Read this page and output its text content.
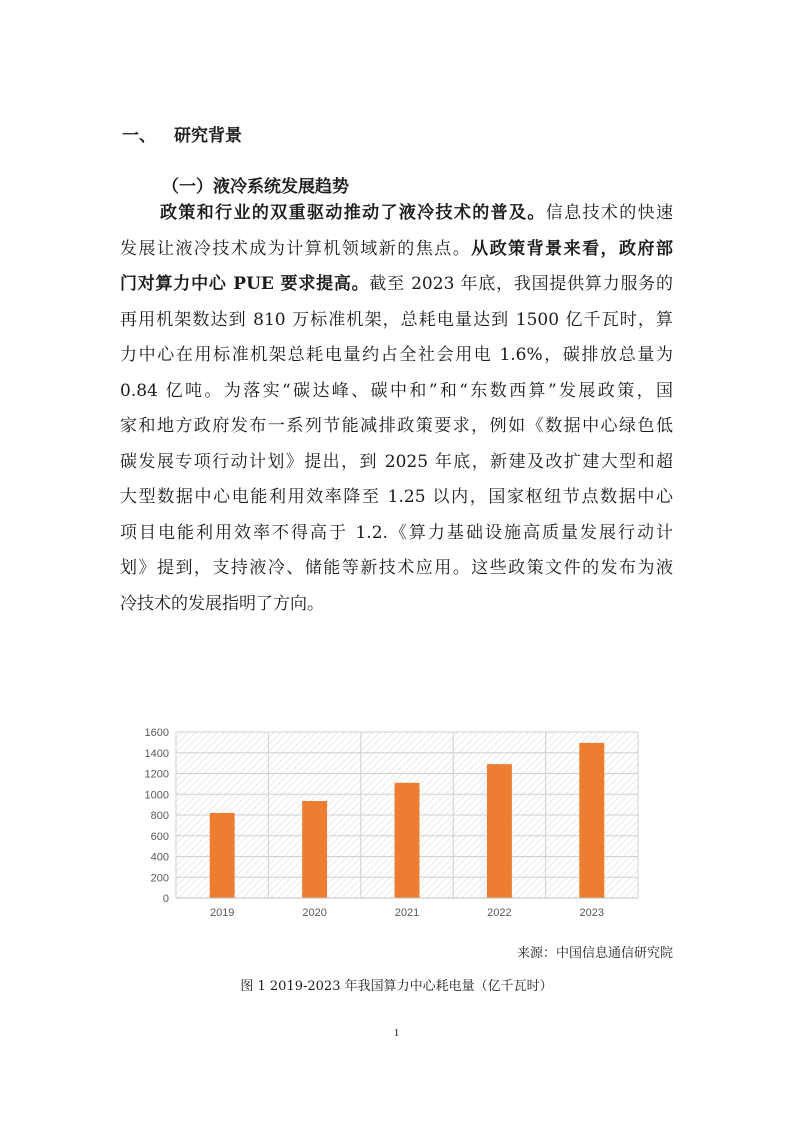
一、 研究背景
（一）液冷系统发展趋势
政策和行业的双重驱动推动了液冷技术的普及。信息技术的快速
发展让液冷技术成为计算机领域新的焦点。从政策背景来看，政府部
门对算力中心 PUE 要求提高。截至 2023 年底，我国提供算力服务的
再用机架数达到 810 万标准机架，总耗电量达到 1500 亿千瓦时，算
力中心在用标准机架总耗电量约占全社会用电 1.6%，碳排放总量为
0.84 亿吨。为落实“碳达峰、碳中和”和“东数西算”发展政策，国
家和地方政府发布一系列节能减排政策要求，例如《数据中心绿色低
碳发展专项行动计划》提出，到 2025 年底，新建及改扩建大型和超
大型数据中心电能利用效率降至 1.25 以内，国家枢纽节点数据中心
项目电能利用效率不得高于 1.2.《算力基础设施高质量发展行动计
划》提到，支持液冷、储能等新技术应用。这些政策文件的发布为液
冷技术的发展指明了方向。
0
200
400
600
800
1000
1200
1400
1600
2019	2020	2021	2022	2023
来源：中国信息通信研究院
图 1 2019-2023 年我国算力中心耗电量（亿千瓦时）
1
